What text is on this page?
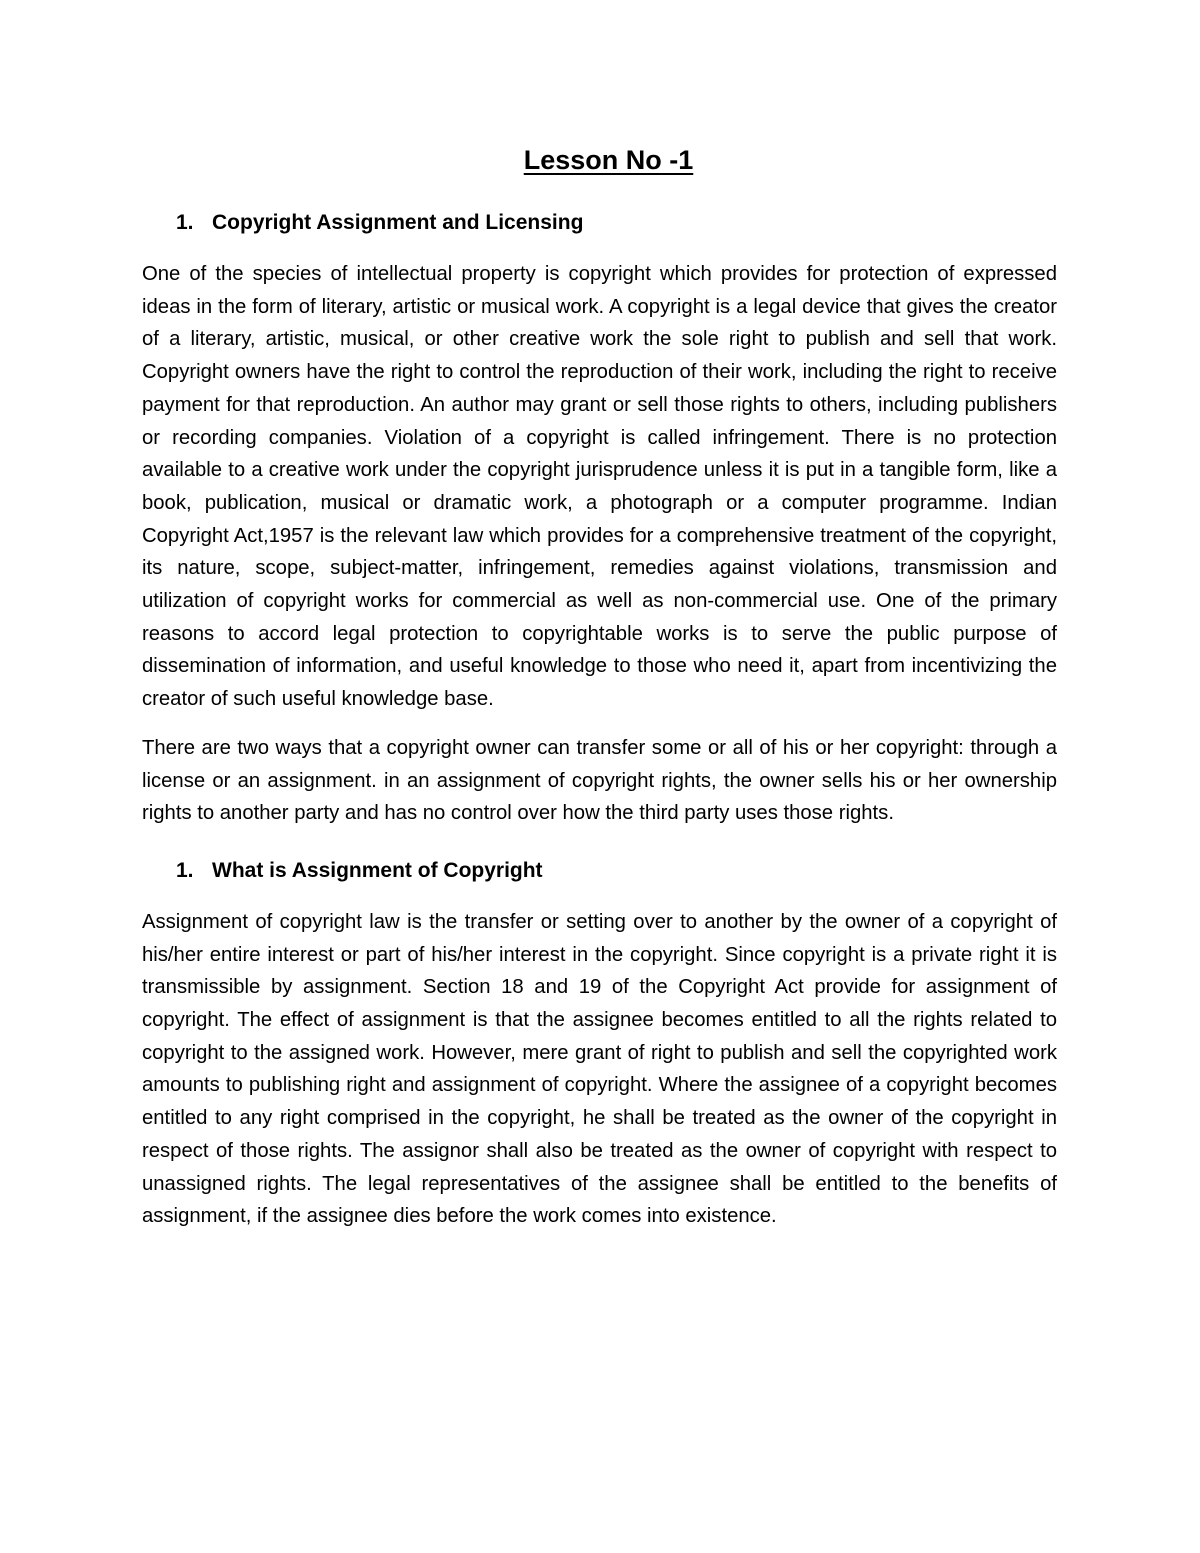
Lesson No -1
1. Copyright Assignment and Licensing

One of the species of intellectual property is copyright which provides for protection of expressed ideas in the form of literary, artistic or musical work. A copyright is a legal device that gives the creator of a literary, artistic, musical, or other creative work the sole right to publish and sell that work. Copyright owners have the right to control the reproduction of their work, including the right to receive payment for that reproduction. An author may grant or sell those rights to others, including publishers or recording companies. Violation of a copyright is called infringement. There is no protection available to a creative work under the copyright jurisprudence unless it is put in a tangible form, like a book, publication, musical or dramatic work, a photograph or a computer programme. Indian Copyright Act,1957 is the relevant law which provides for a comprehensive treatment of the copyright, its nature, scope, subject-matter, infringement, remedies against violations, transmission and utilization of copyright works for commercial as well as non-commercial use. One of the primary reasons to accord legal protection to copyrightable works is to serve the public purpose of dissemination of information, and useful knowledge to those who need it, apart from incentivizing the creator of such useful knowledge base.

There are two ways that a copyright owner can transfer some or all of his or her copyright: through a license or an assignment. in an assignment of copyright rights, the owner sells his or her ownership rights to another party and has no control over how the third party uses those rights.

1. What is Assignment of Copyright

Assignment of copyright law is the transfer or setting over to another by the owner of a copyright of his/her entire interest or part of his/her interest in the copyright. Since copyright is a private right it is transmissible by assignment. Section 18 and 19 of the Copyright Act provide for assignment of copyright. The effect of assignment is that the assignee becomes entitled to all the rights related to copyright to the assigned work. However, mere grant of right to publish and sell the copyrighted work amounts to publishing right and assignment of copyright. Where the assignee of a copyright becomes entitled to any right comprised in the copyright, he shall be treated as the owner of the copyright in respect of those rights. The assignor shall also be treated as the owner of copyright with respect to unassigned rights. The legal representatives of the assignee shall be entitled to the benefits of assignment, if the assignee dies before the work comes into existence.
